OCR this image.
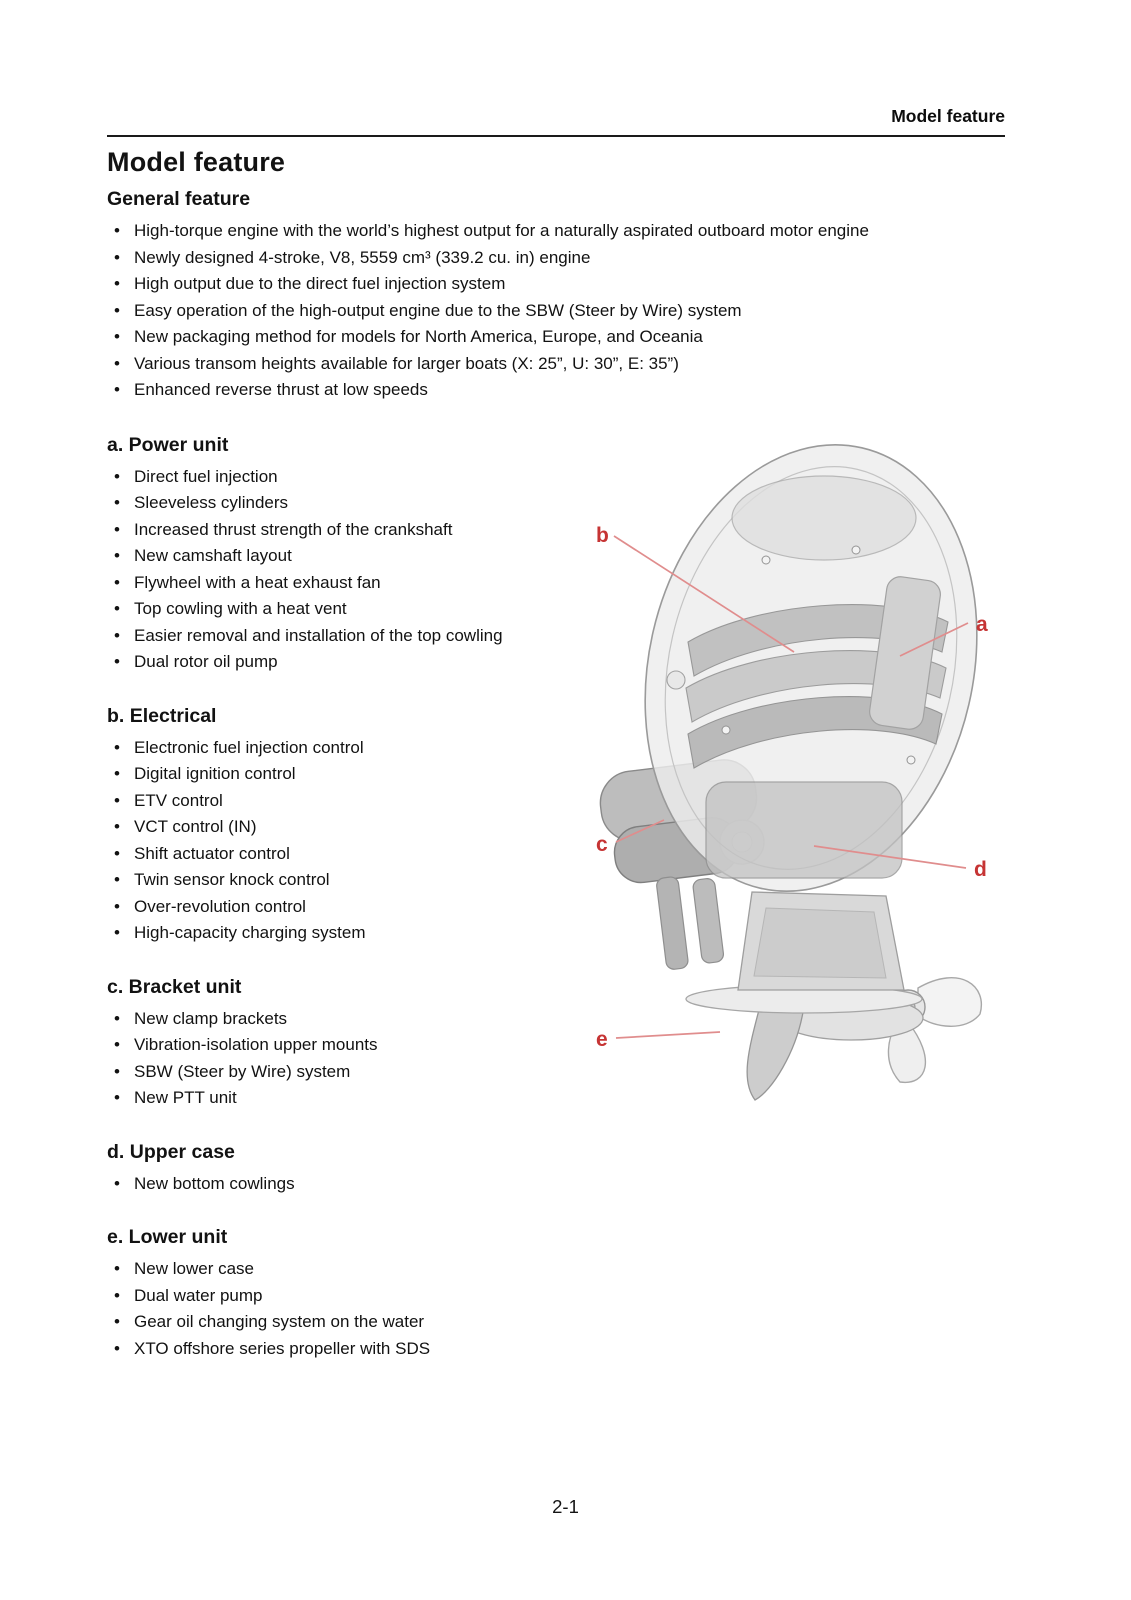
Model feature
Model feature
General feature
• High-torque engine with the world’s highest output for a naturally aspirated outboard motor engine
• Newly designed 4-stroke, V8, 5559 cm³ (339.2 cu. in) engine
• High output due to the direct fuel injection system
• Easy operation of the high-output engine due to the SBW (Steer by Wire) system
• New packaging method for models for North America, Europe, and Oceania
• Various transom heights available for larger boats (X: 25”, U: 30”, E: 35”)
• Enhanced reverse thrust at low speeds
a. Power unit
• Direct fuel injection
• Sleeveless cylinders
• Increased thrust strength of the crankshaft
• New camshaft layout
• Flywheel with a heat exhaust fan
• Top cowling with a heat vent
• Easier removal and installation of the top cowling
• Dual rotor oil pump
b. Electrical
• Electronic fuel injection control
• Digital ignition control
• ETV control
• VCT control (IN)
• Shift actuator control
• Twin sensor knock control
• Over-revolution control
• High-capacity charging system
c. Bracket unit
• New clamp brackets
• Vibration-isolation upper mounts
• SBW (Steer by Wire) system
• New PTT unit
d. Upper case
• New bottom cowlings
e. Lower unit
• New lower case
• Dual water pump
• Gear oil changing system on the water
• XTO offshore series propeller with SDS
b
a
c
d
e
2-1
